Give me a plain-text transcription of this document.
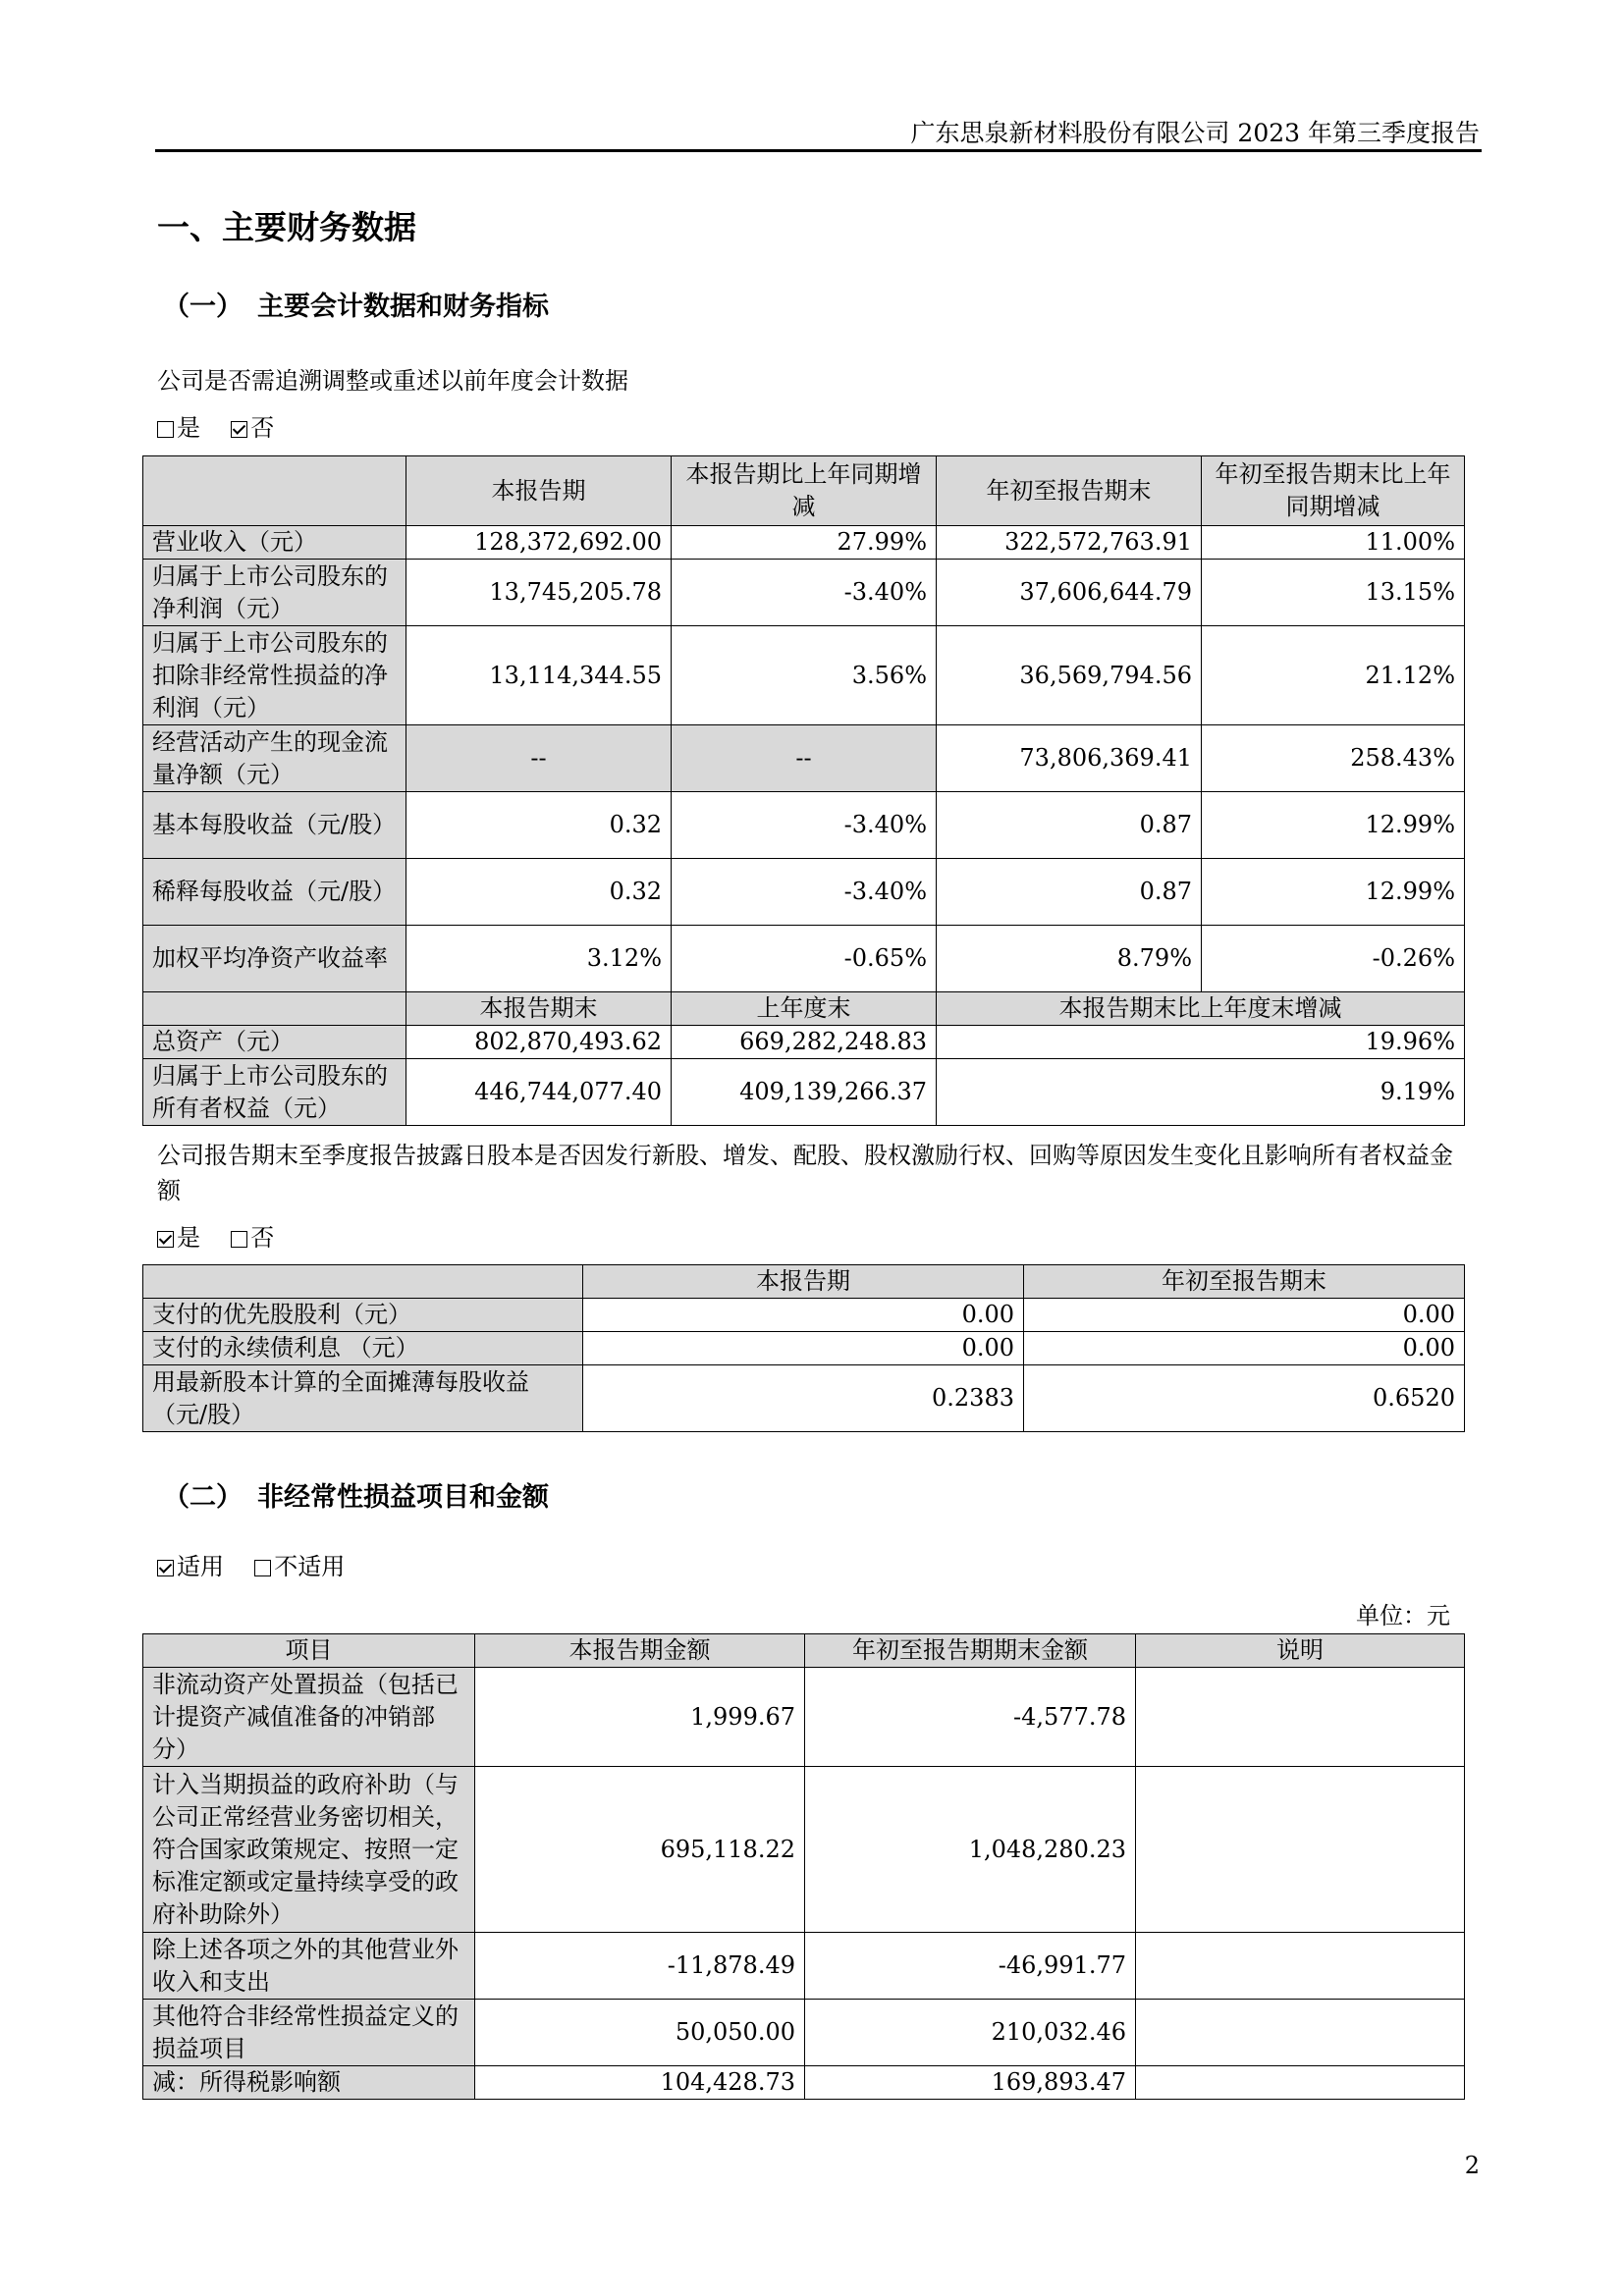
广东思泉新材料股份有限公司 2023 年第三季度报告
一、主要财务数据
（一） 主要会计数据和财务指标
公司是否需追溯调整或重述以前年度会计数据
是 否
	本报告期	本报告期比上年同期增减	年初至报告期末	年初至报告期末比上年同期增减
营业收入（元）	128,372,692.00	27.99%	322,572,763.91	11.00%
归属于上市公司股东的净利润（元）	13,745,205.78	-3.40%	37,606,644.79	13.15%
归属于上市公司股东的扣除非经常性损益的净利润（元）	13,114,344.55	3.56%	36,569,794.56	21.12%
经营活动产生的现金流量净额（元）	--	--	73,806,369.41	258.43%
基本每股收益（元/股）	0.32	-3.40%	0.87	12.99%
稀释每股收益（元/股）	0.32	-3.40%	0.87	12.99%
加权平均净资产收益率	3.12%	-0.65%	8.79%	-0.26%
	本报告期末	上年度末	本报告期末比上年度末增减	
总资产（元）	802,870,493.62	669,282,248.83	19.96%	
归属于上市公司股东的所有者权益（元）	446,744,077.40	409,139,266.37	9.19%	
公司报告期末至季度报告披露日股本是否因发行新股、增发、配股、股权激励行权、回购等原因发生变化且影响所有者权益金额
是 否
	本报告期	年初至报告期末
支付的优先股股利（元）	0.00	0.00
支付的永续债利息 （元）	0.00	0.00
用最新股本计算的全面摊薄每股收益（元/股）	0.2383	0.6520
（二） 非经常性损益项目和金额
适用 不适用
单位：元
项目	本报告期金额	年初至报告期期末金额	说明
非流动资产处置损益（包括已计提资产减值准备的冲销部分）	1,999.67	-4,577.78	
计入当期损益的政府补助（与公司正常经营业务密切相关，符合国家政策规定、按照一定标准定额或定量持续享受的政府补助除外）	695,118.22	1,048,280.23	
除上述各项之外的其他营业外收入和支出	-11,878.49	-46,991.77	
其他符合非经常性损益定义的损益项目	50,050.00	210,032.46	
减：所得税影响额	104,428.73	169,893.47	
2
